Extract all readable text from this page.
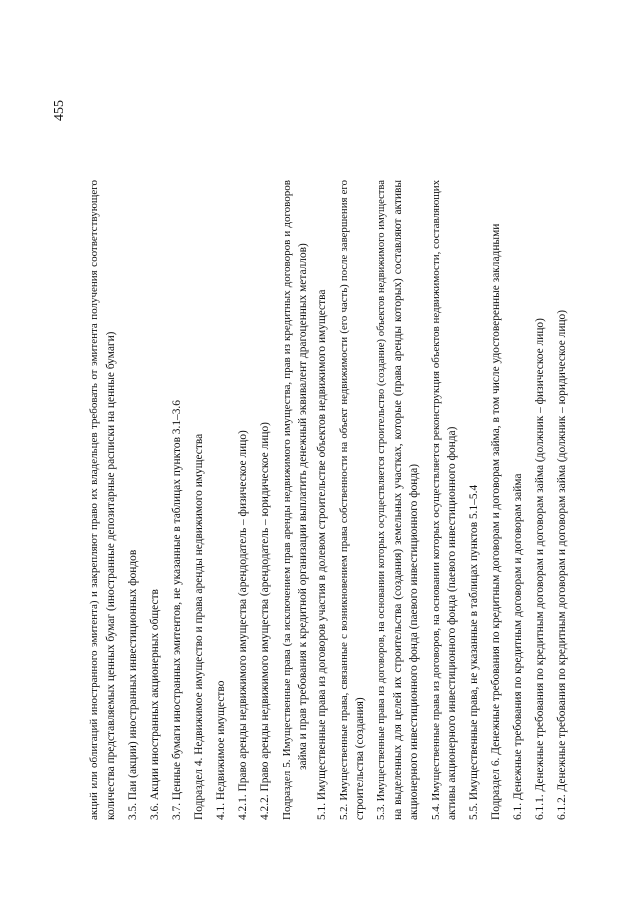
455
акций или облигаций иностранного эмитента) и закрепляют право их владельцев требовать от эмитента получения соответствующего количества представляемых ценных бумаг (иностранные депозитарные расписки на ценные бумаги) 3.5. Паи (акции) иностранных инвестиционных фондов 3.6. Акции иностранных акционерных обществ 3.7. Ценные бумаги иностранных эмитентов, не указанные в таблицах пунктов 3.1–3.6 Подраздел 4. Недвижимое имущество и права аренды недвижимого имущества 4.1. Недвижимое имущество 4.2.1. Право аренды недвижимого имущества (арендодатель – физическое лицо) 4.2.2. Право аренды недвижимого имущества (арендодатель – юридическое лицо) Подраздел 5. Имущественные права (за исключением прав аренды недвижимого имущества, прав из кредитных договоров и договоров займа и прав требования к кредитной организации выплатить денежный эквивалент драгоценных металлов) 5.1. Имущественные права из договоров участия в долевом строительстве объектов недвижимого имущества 5.2. Имущественные права, связанные с возникновением права собственности на объект недвижимости (его часть) после завершения его строительства (создания) 5.3. Имущественные права из договоров, на основании которых осуществляется строительство (создание) объектов недвижимого имущества на выделенных для целей их строительства (создания) земельных участках, которые (права аренды которых) составляют активы акционерного инвестиционного фонда (паевого инвестиционного фонда) 5.4. Имущественные права из договоров, на основании которых осуществляется реконструкция объектов недвижимости, составляющих активы акционерного инвестиционного фонда (паевого инвестиционного фонда) 5.5. Имущественные права, не указанные в таблицах пунктов 5.1–5.4 Подраздел 6. Денежные требования по кредитным договорам и договорам займа, в том числе удостоверенные закладными 6.1. Денежные требования по кредитным договорам и договорам займа 6.1.1. Денежные требования по кредитным договорам и договорам займа (должник – физическое лицо) 6.1.2. Денежные требования по кредитным договорам и договорам займа (должник – юридическое лицо)
